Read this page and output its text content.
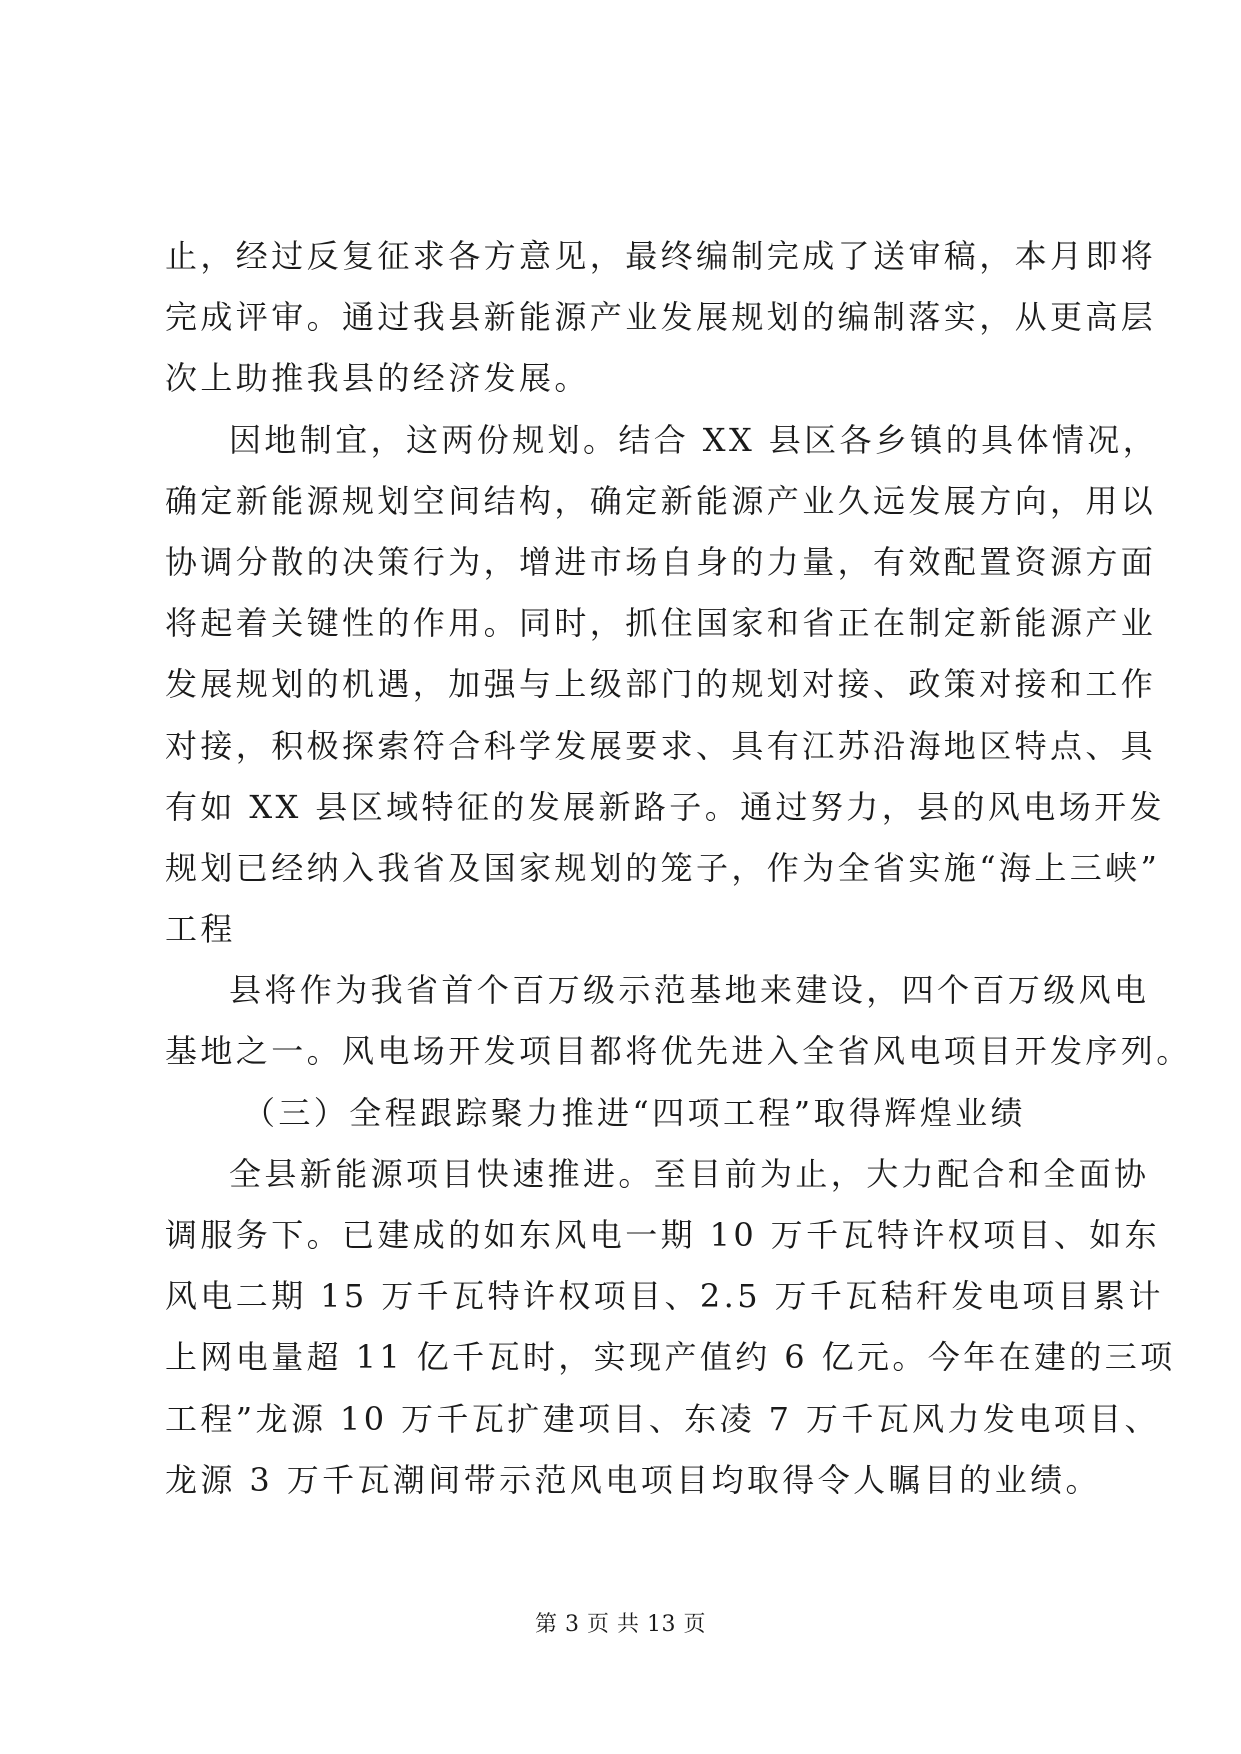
止，经过反复征求各方意见，最终编制完成了送审稿，本月即将
完成评审。通过我县新能源产业发展规划的编制落实，从更高层
次上助推我县的经济发展。
因地制宜，这两份规划。结合 XX 县区各乡镇的具体情况，
确定新能源规划空间结构，确定新能源产业久远发展方向，用以
协调分散的决策行为，增进市场自身的力量，有效配置资源方面
将起着关键性的作用。同时，抓住国家和省正在制定新能源产业
发展规划的机遇，加强与上级部门的规划对接、政策对接和工作
对接，积极探索符合科学发展要求、具有江苏沿海地区特点、具
有如 XX 县区域特征的发展新路子。通过努力，县的风电场开发
规划已经纳入我省及国家规划的笼子，作为全省实施“海上三峡”
工程
县将作为我省首个百万级示范基地来建设，四个百万级风电
基地之一。风电场开发项目都将优先进入全省风电项目开发序列。
（三）全程跟踪聚力推进“四项工程”取得辉煌业绩
全县新能源项目快速推进。至目前为止，大力配合和全面协
调服务下。已建成的如东风电一期 10 万千瓦特许权项目、如东
风电二期 15 万千瓦特许权项目、2.5 万千瓦秸秆发电项目累计
上网电量超 11 亿千瓦时，实现产值约 6 亿元。今年在建的三项
工程”龙源 10 万千瓦扩建项目、东凌 7 万千瓦风力发电项目、
龙源 3 万千瓦潮间带示范风电项目均取得令人瞩目的业绩。
第 3 页 共 13 页
